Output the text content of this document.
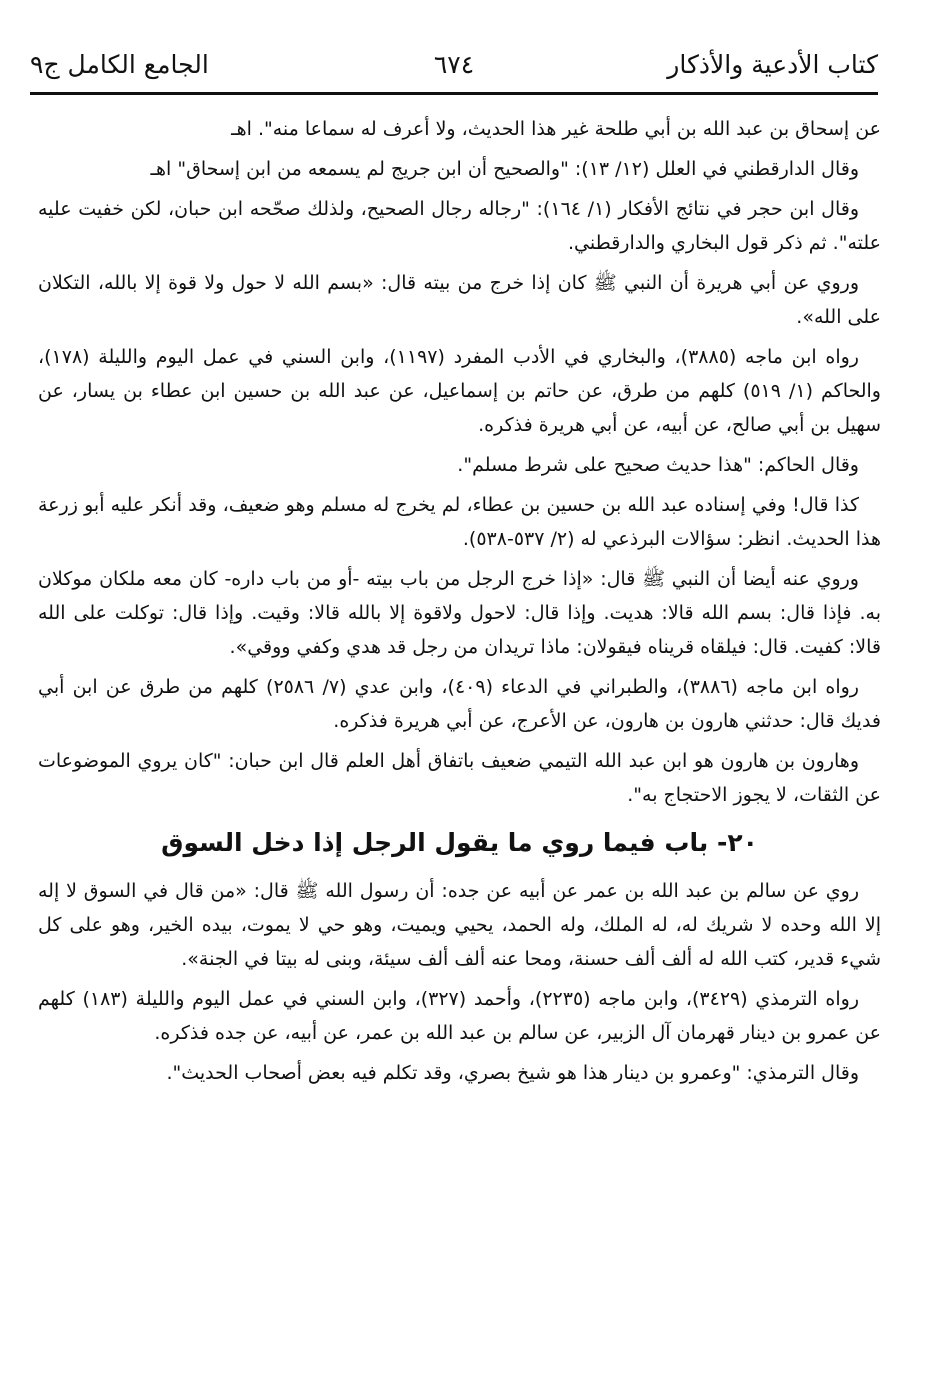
كتاب الأدعية والأذكار
٦٧٤
الجامع الكامل ج٩

عن إسحاق بن عبد الله بن أبي طلحة غير هذا الحديث، ولا أعرف له سماعا منه". اهـ

وقال الدارقطني في العلل (١٢/ ١٣): "والصحيح أن ابن جريج لم يسمعه من ابن إسحاق" اهـ

وقال ابن حجر في نتائج الأفكار (١/ ١٦٤): "رجاله رجال الصحيح، ولذلك صحّحه ابن حبان، لكن خفيت عليه علته". ثم ذكر قول البخاري والدارقطني.

وروي عن أبي هريرة أن النبي ﷺ كان إذا خرج من بيته قال: «بسم الله لا حول ولا قوة إلا بالله، التكلان على الله».

رواه ابن ماجه (٣٨٨٥)، والبخاري في الأدب المفرد (١١٩٧)، وابن السني في عمل اليوم والليلة (١٧٨)، والحاكم (١/ ٥١٩) كلهم من طرق، عن حاتم بن إسماعيل، عن عبد الله بن حسين ابن عطاء بن يسار، عن سهيل بن أبي صالح، عن أبيه، عن أبي هريرة فذكره.

وقال الحاكم: "هذا حديث صحيح على شرط مسلم".

كذا قال! وفي إسناده عبد الله بن حسين بن عطاء، لم يخرج له مسلم وهو ضعيف، وقد أنكر عليه أبو زرعة هذا الحديث. انظر: سؤالات البرذعي له (٢/ ٥٣٧-٥٣٨).

وروي عنه أيضا أن النبي ﷺ قال: «إذا خرج الرجل من باب بيته -أو من باب داره- كان معه ملكان موكلان به. فإذا قال: بسم الله قالا: هديت. وإذا قال: لاحول ولاقوة إلا بالله قالا: وقيت. وإذا قال: توكلت على الله قالا: كفيت. قال: فيلقاه قريناه فيقولان: ماذا تريدان من رجل قد هدي وكفي ووقي».

رواه ابن ماجه (٣٨٨٦)، والطبراني في الدعاء (٤٠٩)، وابن عدي (٧/ ٢٥٨٦) كلهم من طرق عن ابن أبي فديك قال: حدثني هارون بن هارون، عن الأعرج، عن أبي هريرة فذكره.

وهارون بن هارون هو ابن عبد الله التيمي ضعيف باتفاق أهل العلم قال ابن حبان: "كان يروي الموضوعات عن الثقات، لا يجوز الاحتجاج به".

٢٠- باب فيما روي ما يقول الرجل إذا دخل السوق

روي عن سالم بن عبد الله بن عمر عن أبيه عن جده: أن رسول الله ﷺ قال: «من قال في السوق لا إله إلا الله وحده لا شريك له، له الملك، وله الحمد، يحيي ويميت، وهو حي لا يموت، بيده الخير، وهو على كل شيء قدير، كتب الله له ألف ألف حسنة، ومحا عنه ألف ألف سيئة، وبنى له بيتا في الجنة».

رواه الترمذي (٣٤٢٩)، وابن ماجه (٢٢٣٥)، وأحمد (٣٢٧)، وابن السني في عمل اليوم والليلة (١٨٣) كلهم عن عمرو بن دينار قهرمان آل الزبير، عن سالم بن عبد الله بن عمر، عن أبيه، عن جده فذكره.

وقال الترمذي: "وعمرو بن دينار هذا هو شيخ بصري، وقد تكلم فيه بعض أصحاب الحديث".
